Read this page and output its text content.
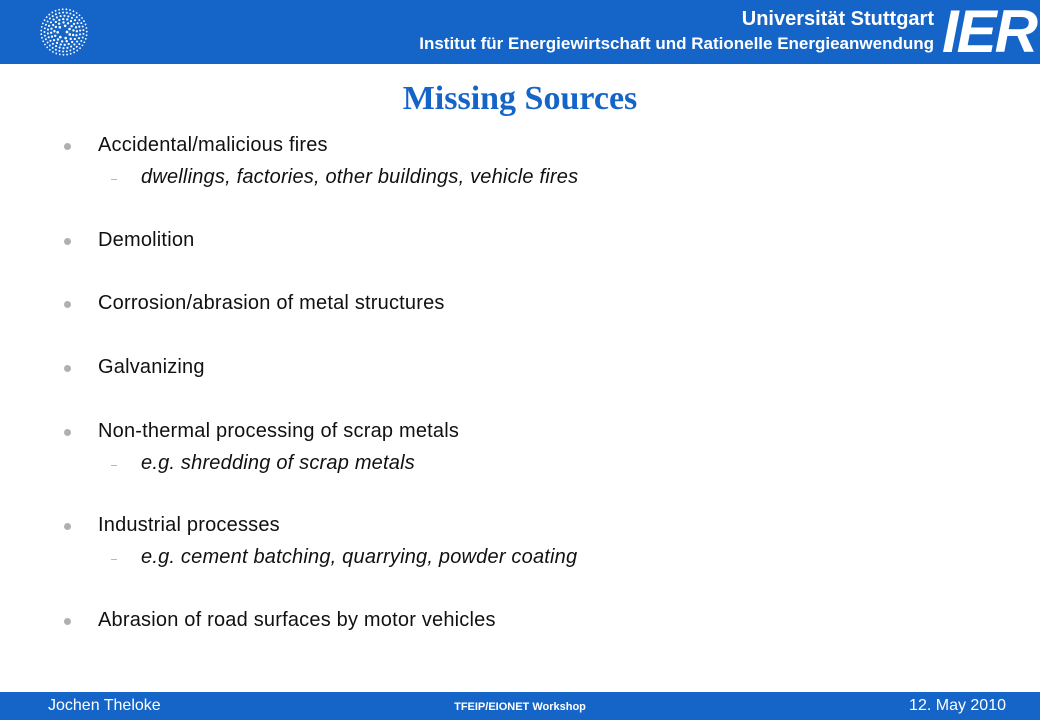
Universität Stuttgart
Institut für Energiewirtschaft und Rationelle Energieanwendung IER
Missing Sources
Accidental/malicious fires
dwellings, factories, other buildings, vehicle fires
Demolition
Corrosion/abrasion of metal structures
Galvanizing
Non-thermal processing of scrap metals
e.g. shredding of scrap metals
Industrial processes
e.g. cement batching, quarrying, powder coating
Abrasion of road surfaces by motor vehicles
Jochen Theloke	TFEIP/EIONET Workshop	12. May 2010
